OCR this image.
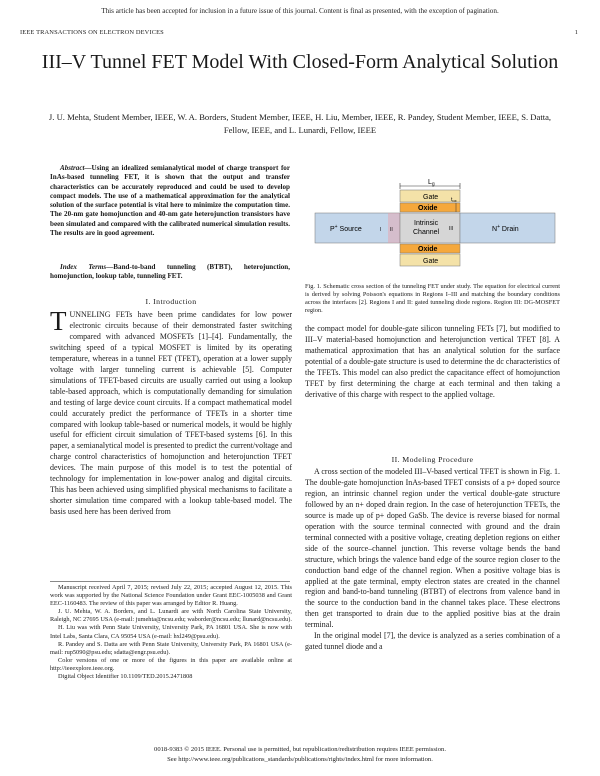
This article has been accepted for inclusion in a future issue of this journal. Content is final as presented, with the exception of pagination.
IEEE TRANSACTIONS ON ELECTRON DEVICES	1
III–V Tunnel FET Model With Closed-Form Analytical Solution
J. U. Mehta, Student Member, IEEE, W. A. Borders, Student Member, IEEE, H. Liu, Member, IEEE, R. Pandey, Student Member, IEEE, S. Datta, Fellow, IEEE, and L. Lunardi, Fellow, IEEE
Abstract—Using an idealized semianalytical model of charge transport for InAs-based tunneling FET, it is shown that the output and transfer characteristics can be accurately reproduced and could be used to develop compact models. The use of a mathematical approximation for the analytical solution of the surface potential is vital here to minimize the computation time. The 20-nm gate homojunction and 40-nm gate heterojunction transistors have been simulated and compared with the calibrated numerical simulation results. The results are in good agreement.
Index Terms—Band-to-band tunneling (BTBT), heterojunction, homojunction, lookup table, tunneling FET.
I. Introduction
TUNNELING FETs have been prime candidates for low power electronic circuits because of their demonstrated faster switching compared with advanced MOSFETs [1]–[4]. Fundamentally, the switching speed of a typical MOSFET is limited by its operating temperature, whereas in a tunnel FET (TFET), operation at a lower supply voltage with larger tunneling current is achievable [5]. Computer simulations of TFET-based circuits are usually carried out using a lookup table-based approach, which is computationally demanding for simulation and testing of large device count circuits. If a compact mathematical model could accurately predict the performance of TFETs in a shorter time compared with lookup table-based or numerical models, it would be highly useful for efficient circuit simulation of TFET-based systems [6]. In this paper, a semianalytical model is presented to predict the current/voltage and charge control characteristics of homojunction and heterojunction TFET devices. The main purpose of this model is to test the potential of technology for implementation in low-power analog and digital circuits. This has been achieved using simplified physical mechanisms to facilitate a shorter simulation time compared with a lookup table-based model. The basis used here has been derived from

Manuscript received April 7, 2015; revised July 22, 2015; accepted August 12, 2015. This work was supported by the National Science Foundation under Grant EEC-1005038 and Grant EEC-1160483. The review of this paper was arranged by Editor R. Huang.

J. U. Mehta, W. A. Borders, and L. Lunardi are with North Carolina State University, Raleigh, NC 27695 USA (e-mail: jumehta@ncsu.edu; waborder@ncsu.edu; llunard@ncsu.edu).

H. Liu was with Penn State University, University Park, PA 16801 USA. She is now with Intel Labs, Santa Clara, CA 95054 USA (e-mail: hxl249@psu.edu).

R. Pandey and S. Datta are with Penn State University, University Park, PA 16801 USA (e-mail: rup5090@psu.edu; sdatta@engr.psu.edu).

Color versions of one or more of the figures in this paper are available online at http://ieeexplore.ieee.org.

Digital Object Identifier 10.1109/TED.2015.2471808

$L_g$
Gate
Oxide
$t_{ox}$
P+ Source	I II
Intrinsic
Channel III	N+ Drain
Oxide
Gate
Fig. 1. Schematic cross section of the tunneling FET under study. The equation for electrical current is derived by solving Poisson's equations in Regions I–III and matching the boundary conditions across the interfaces [2]. Regions I and II: gated tunneling diode regions. Region III: DG-MOSFET region.
the compact model for double-gate silicon tunneling FETs [7], but modified to III–V material-based homojunction and heterojunction vertical TFET [8]. A mathematical approximation that has an analytical solution for the surface potential of a double-gate structure is used to determine the dc characteristics of the TFETs. This model can also predict the capacitance effect of homojunction TFET by first determining the charge at each terminal and then taking a derivative of this charge with respect to the applied voltage.
II. Modeling Procedure

A cross section of the modeled III–V-based vertical TFET is shown in Fig. 1. The double-gate homojunction InAs-based TFET consists of a p+ doped source region, an intrinsic channel region under the vertical double-gate structure followed by an n+ doped drain region. In the case of heterojunction TFETs, the source is made up of p+ doped GaSb. The device is reverse biased for normal operation with the source terminal connected with ground and the drain terminal connected with a positive voltage, creating depletion regions on either side of the source–channel junction. This reverse voltage bends the band structure, which brings the valence band edge of the source region closer to the conduction band edge of the channel region. When a positive voltage bias is applied at the gate terminal, empty electron states are created in the channel region and band-to-band tunneling (BTBT) of electrons from valence band in the source to the conduction band in the channel takes place. These electrons then get transported to drain due to the applied positive bias at the drain terminal.

In the original model [7], the device is analyzed as a series combination of a gated tunnel diode and a

0018-9383 © 2015 IEEE. Personal use is permitted, but republication/redistribution requires IEEE permission.
See http://www.ieee.org/publications_standards/publications/rights/index.html for more information.
